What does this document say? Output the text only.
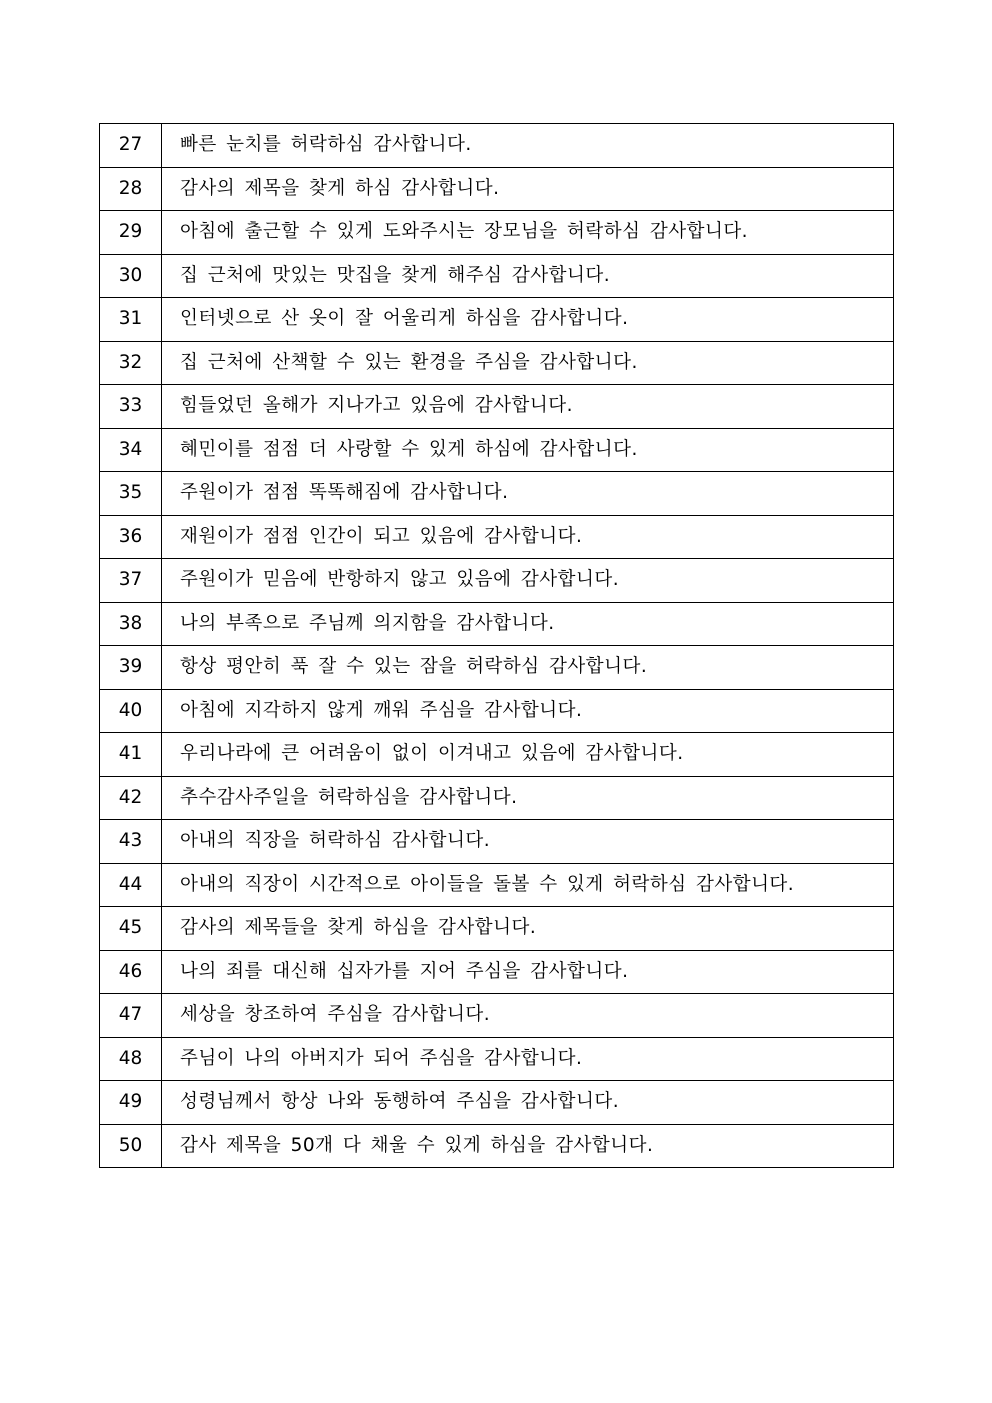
27	빠른 눈치를 허락하심 감사합니다.
28	감사의 제목을 찾게 하심 감사합니다.
29	아침에 출근할 수 있게 도와주시는 장모님을 허락하심 감사합니다.
30	집 근처에 맛있는 맛집을 찾게 해주심 감사합니다.
31	인터넷으로 산 옷이 잘 어울리게 하심을 감사합니다.
32	집 근처에 산책할 수 있는 환경을 주심을 감사합니다.
33	힘들었던 올해가 지나가고 있음에 감사합니다.
34	혜민이를 점점 더 사랑할 수 있게 하심에 감사합니다.
35	주원이가 점점 똑똑해짐에 감사합니다.
36	재원이가 점점 인간이 되고 있음에 감사합니다.
37	주원이가 믿음에 반항하지 않고 있음에 감사합니다.
38	나의 부족으로 주님께 의지함을 감사합니다.
39	항상 평안히 푹 잘 수 있는 잠을 허락하심 감사합니다.
40	아침에 지각하지 않게 깨워 주심을 감사합니다.
41	우리나라에 큰 어려움이 없이 이겨내고 있음에 감사합니다.
42	추수감사주일을 허락하심을 감사합니다.
43	아내의 직장을 허락하심 감사합니다.
44	아내의 직장이 시간적으로 아이들을 돌볼 수 있게 허락하심 감사합니다.
45	감사의 제목들을 찾게 하심을 감사합니다.
46	나의 죄를 대신해 십자가를 지어 주심을 감사합니다.
47	세상을 창조하여 주심을 감사합니다.
48	주님이 나의 아버지가 되어 주심을 감사합니다.
49	성령님께서 항상 나와 동행하여 주심을 감사합니다.
50	감사 제목을 50개 다 채울 수 있게 하심을 감사합니다.
